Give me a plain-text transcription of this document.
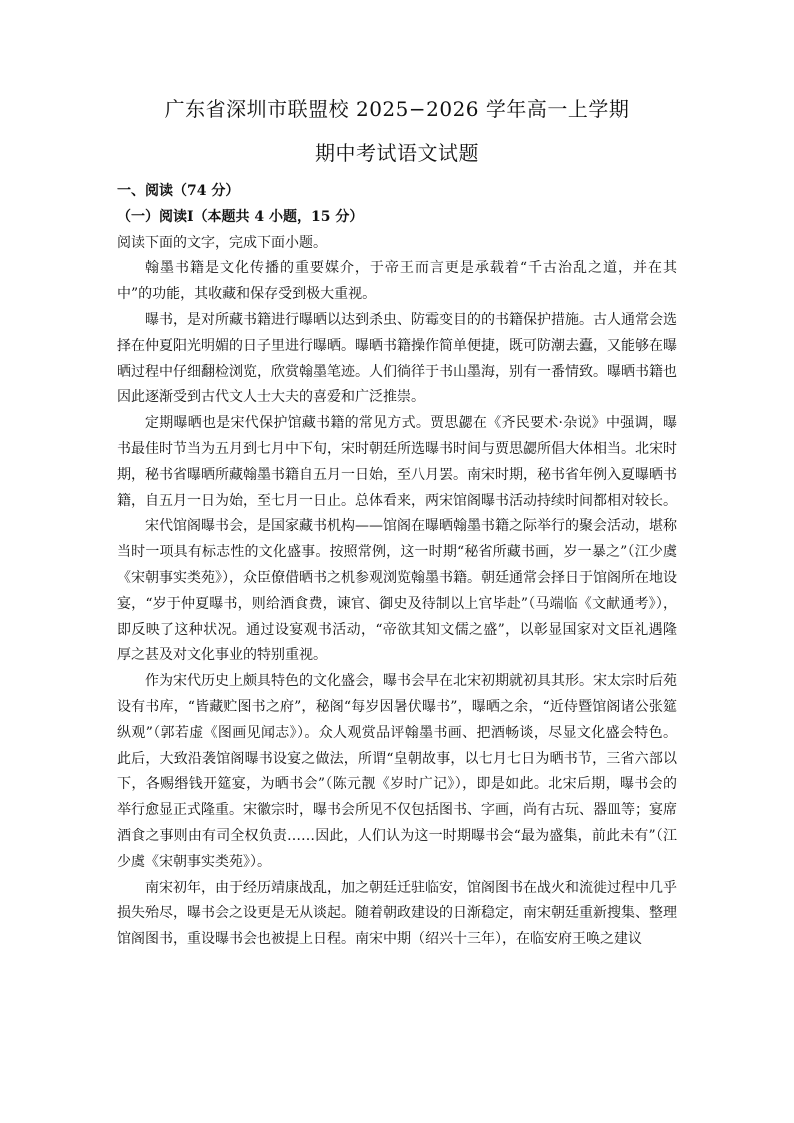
广东省深圳市联盟校 2025−2026 学年高一上学期
期中考试语文试题

一、阅读（74 分）

（一）阅读Ⅰ（本题共 4 小题，15 分）

阅读下面的文字，完成下面小题。

翰墨书籍是文化传播的重要媒介，于帝王而言更是承载着“千古治乱之道，并在其中”的功能，其收藏和保存受到极大重视。

曝书，是对所藏书籍进行曝晒以达到杀虫、防霉变目的的书籍保护措施。古人通常会选择在仲夏阳光明媚的日子里进行曝晒。曝晒书籍操作简单便捷，既可防潮去蠹，又能够在曝晒过程中仔细翻检浏览，欣赏翰墨笔迹。人们徜徉于书山墨海，别有一番情致。曝晒书籍也因此逐渐受到古代文人士大夫的喜爱和广泛推崇。

定期曝晒也是宋代保护馆藏书籍的常见方式。贾思勰在《齐民要术·杂说》中强调，曝书最佳时节当为五月到七月中下旬，宋时朝廷所选曝书时间与贾思勰所倡大体相当。北宋时期，秘书省曝晒所藏翰墨书籍自五月一日始，至八月罢。南宋时期，秘书省年例入夏曝晒书籍，自五月一日为始，至七月一日止。总体看来，两宋馆阁曝书活动持续时间都相对较长。

宋代馆阁曝书会，是国家藏书机构——馆阁在曝晒翰墨书籍之际举行的聚会活动，堪称当时一项具有标志性的文化盛事。按照常例，这一时期“秘省所藏书画，岁一暴之”（江少虞《宋朝事实类苑》），众臣僚借晒书之机参观浏览翰墨书籍。朝廷通常会择日于馆阁所在地设宴，“岁于仲夏曝书，则给酒食费，谏官、御史及待制以上官毕赴”（马端临《文献通考》），即反映了这种状况。通过设宴观书活动，“帝欲其知文儒之盛”，以彰显国家对文臣礼遇隆厚之甚及对文化事业的特别重视。

作为宋代历史上颇具特色的文化盛会，曝书会早在北宋初期就初具其形。宋太宗时后苑设有书库，“皆藏贮图书之府”，秘阁“每岁因暑伏曝书”，曝晒之余，“近侍暨馆阁诸公张筵纵观”（郭若虚《图画见闻志》）。众人观赏品评翰墨书画、把酒畅谈，尽显文化盛会特色。此后，大致沿袭馆阁曝书设宴之做法，所谓“皇朝故事，以七月七日为晒书节，三省六部以下，各赐缗钱开筵宴，为晒书会”（陈元靓《岁时广记》），即是如此。北宋后期，曝书会的举行愈显正式隆重。宋徽宗时，曝书会所见不仅包括图书、字画，尚有古玩、器皿等；宴席酒食之事则由有司全权负责……因此，人们认为这一时期曝书会“最为盛集，前此未有”（江少虞《宋朝事实类苑》）。

南宋初年，由于经历靖康战乱，加之朝廷迁驻临安，馆阁图书在战火和流徙过程中几乎损失殆尽，曝书会之设更是无从谈起。随着朝政建设的日渐稳定，南宋朝廷重新搜集、整理馆阁图书，重设曝书会也被提上日程。南宋中期（绍兴十三年），在临安府王唤之建议
